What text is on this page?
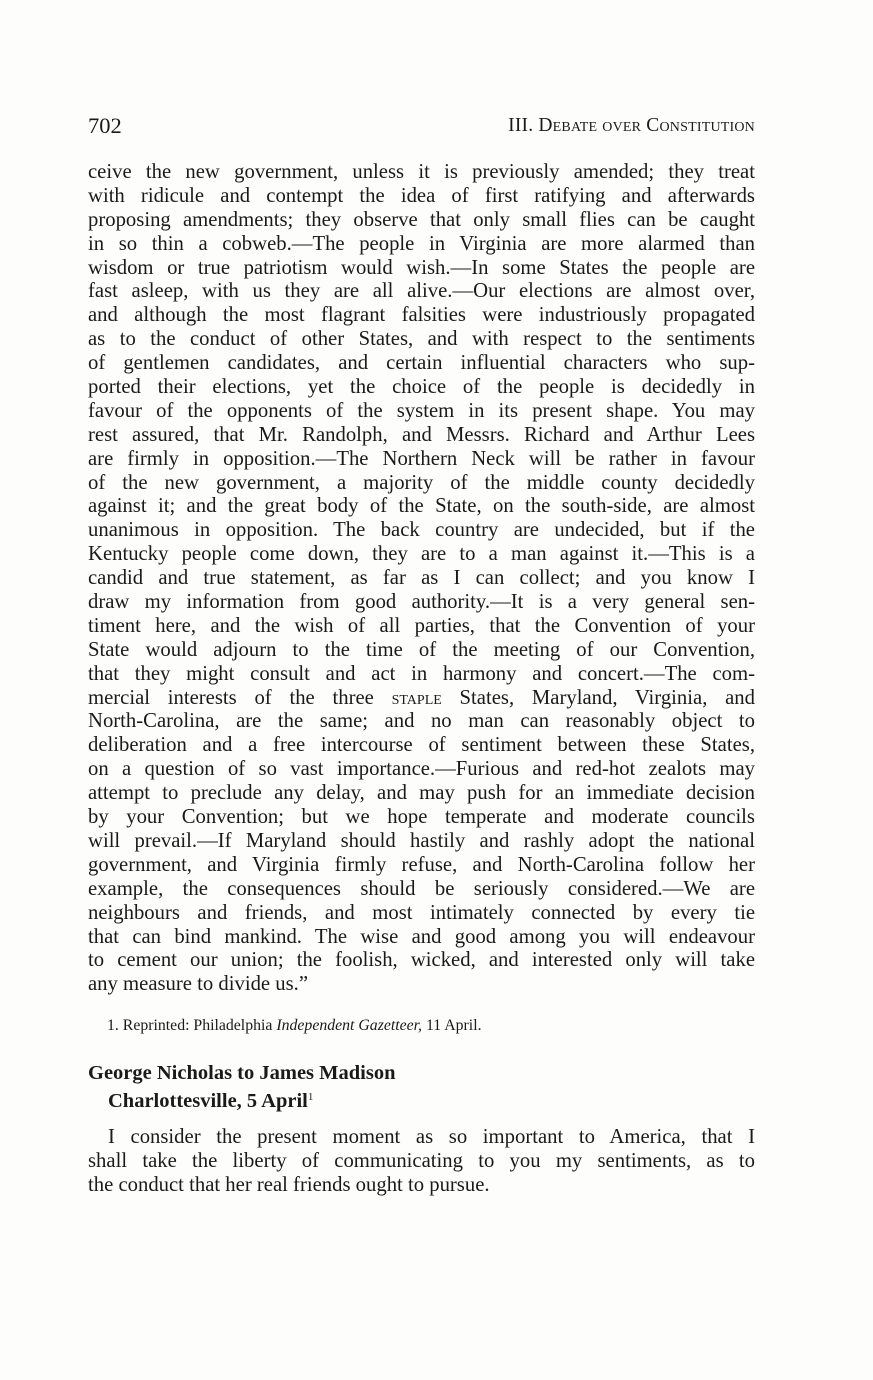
702	III. Debate over Constitution
ceive the new government, unless it is previously amended; they treat
with ridicule and contempt the idea of first ratifying and afterwards
proposing amendments; they observe that only small flies can be caught
in so thin a cobweb.—The people in Virginia are more alarmed than
wisdom or true patriotism would wish.—In some States the people are
fast asleep, with us they are all alive.—Our elections are almost over,
and although the most flagrant falsities were industriously propagated
as to the conduct of other States, and with respect to the sentiments
of gentlemen candidates, and certain influential characters who sup-
ported their elections, yet the choice of the people is decidedly in
favour of the opponents of the system in its present shape. You may
rest assured, that Mr. Randolph, and Messrs. Richard and Arthur Lees
are firmly in opposition.—The Northern Neck will be rather in favour
of the new government, a majority of the middle county decidedly
against it; and the great body of the State, on the south-side, are almost
unanimous in opposition. The back country are undecided, but if the
Kentucky people come down, they are to a man against it.—This is a
candid and true statement, as far as I can collect; and you know I
draw my information from good authority.—It is a very general sen-
timent here, and the wish of all parties, that the Convention of your
State would adjourn to the time of the meeting of our Convention,
that they might consult and act in harmony and concert.—The com-
mercial interests of the three staple States, Maryland, Virginia, and
North-Carolina, are the same; and no man can reasonably object to
deliberation and a free intercourse of sentiment between these States,
on a question of so vast importance.—Furious and red-hot zealots may
attempt to preclude any delay, and may push for an immediate decision
by your Convention; but we hope temperate and moderate councils
will prevail.—If Maryland should hastily and rashly adopt the national
government, and Virginia firmly refuse, and North-Carolina follow her
example, the consequences should be seriously considered.—We are
neighbours and friends, and most intimately connected by every tie
that can bind mankind. The wise and good among you will endeavour
to cement our union; the foolish, wicked, and interested only will take
any measure to divide us.”
1. Reprinted: Philadelphia Independent Gazetteer, 11 April.
George Nicholas to James Madison
Charlottesville, 5 April$^1$
I consider the present moment as so important to America, that I
shall take the liberty of communicating to you my sentiments, as to
the conduct that her real friends ought to pursue.
